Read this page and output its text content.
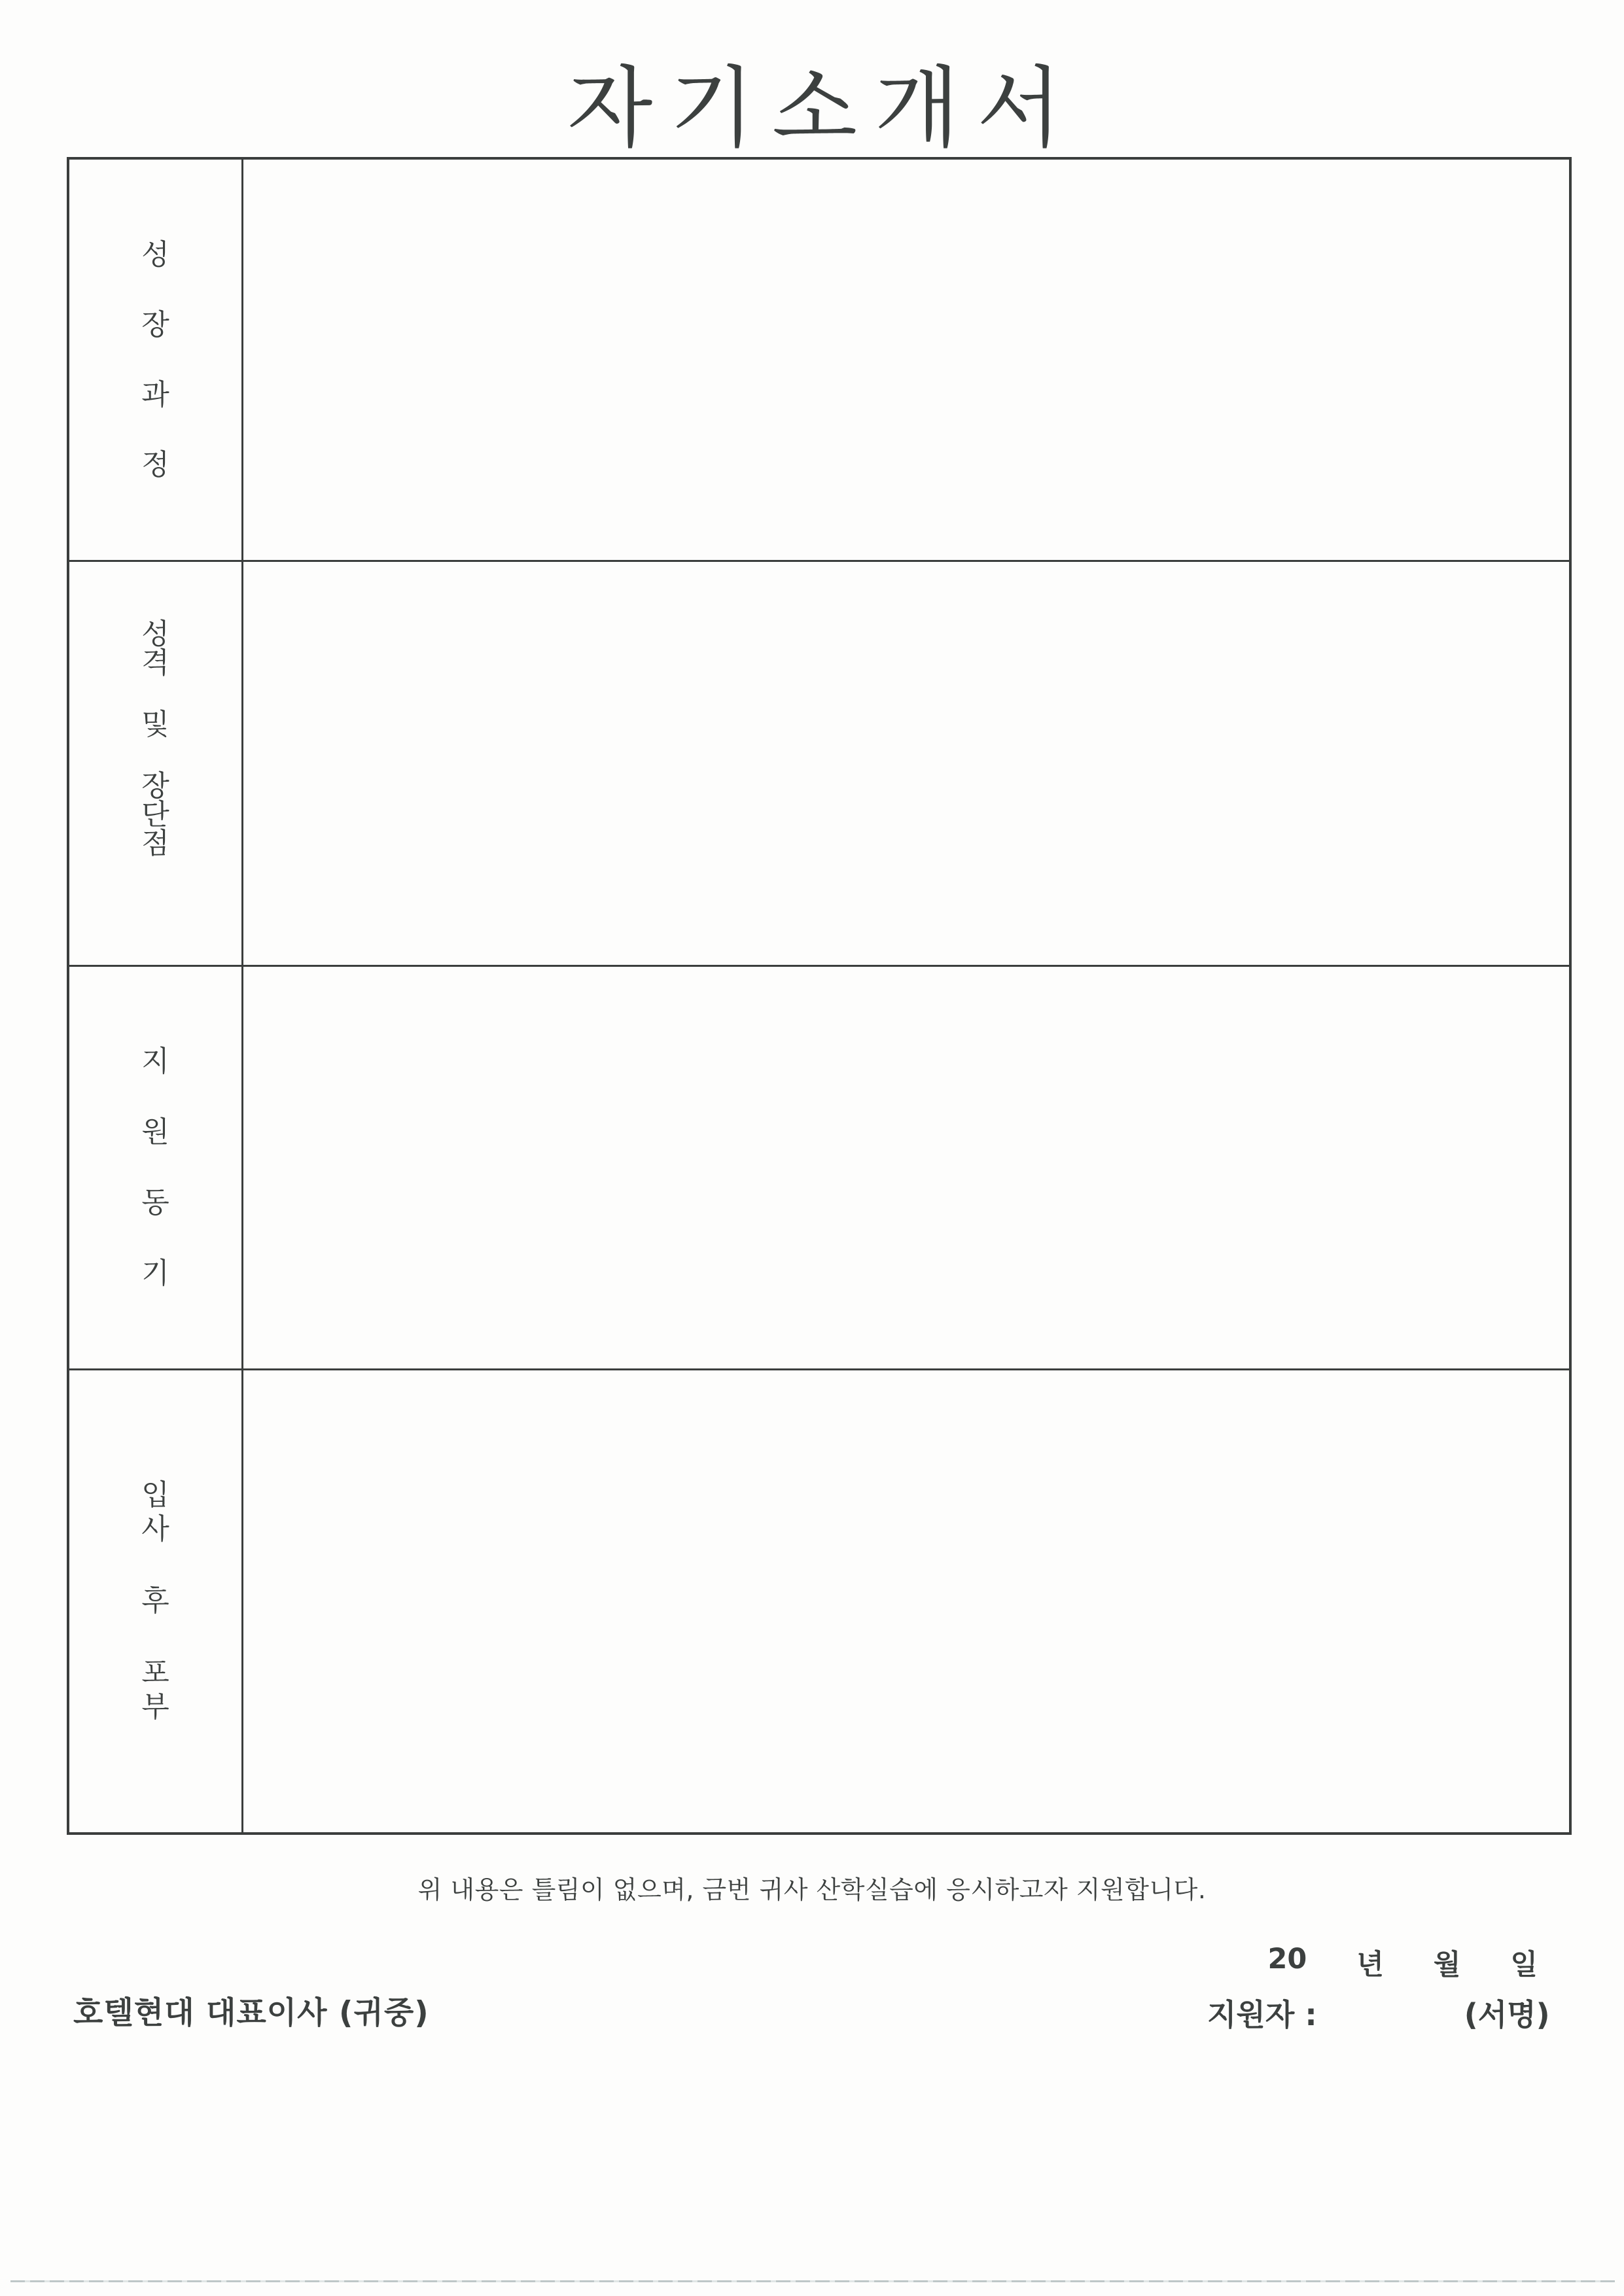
자기소개서
성
장
과
정
성
격
및
장
단
점
지
원
동
기
입
사
후
포
부

위 내용은 틀림이 없으며, 금번 귀사 산학실습에 응시하고자 지원합니다.

20 년 월 일
호텔현대 대표이사 (귀중)	지원자 :	(서명)
